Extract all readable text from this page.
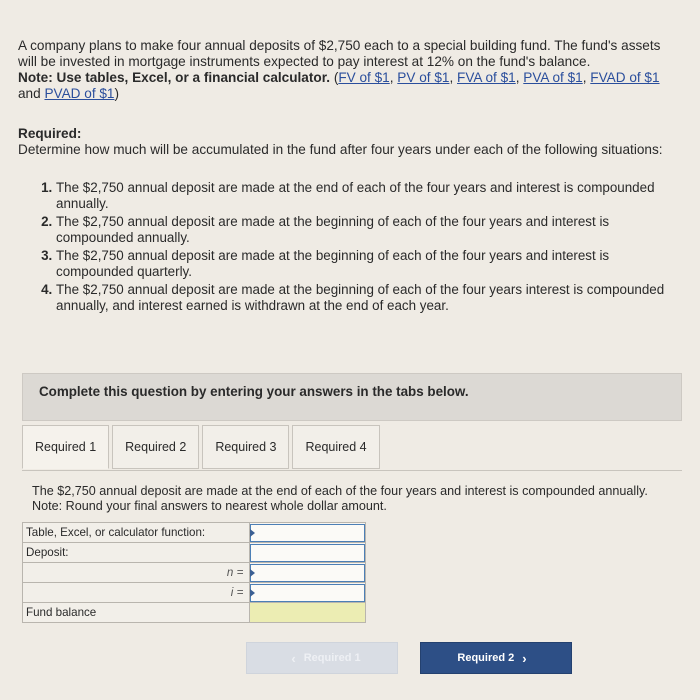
A company plans to make four annual deposits of $2,750 each to a special building fund. The fund's assets will be invested in mortgage instruments expected to pay interest at 12% on the fund's balance.

Note: Use tables, Excel, or a financial calculator. (FV of $1, PV of $1, FVA of $1, PVA of $1, FVAD of $1 and PVAD of $1)

Required:

Determine how much will be accumulated in the fund after four years under each of the following situations:

1. The $2,750 annual deposit are made at the end of each of the four years and interest is compounded annually.
2. The $2,750 annual deposit are made at the beginning of each of the four years and interest is compounded annually.
3. The $2,750 annual deposit are made at the beginning of each of the four years and interest is compounded quarterly.
4. The $2,750 annual deposit are made at the beginning of each of the four years interest is compounded annually, and interest earned is withdrawn at the end of each year.
Complete this question by entering your answers in the tabs below.
Required 1	Required 2	Required 3	Required 4

The $2,750 annual deposit are made at the end of each of the four years and interest is compounded annually.

Note: Round your final answers to nearest whole dollar amount.

Table, Excel, or calculator function:	

Deposit:	
n =	

i =	

Fund balance	
‹ Required 1	Required 2 ›
